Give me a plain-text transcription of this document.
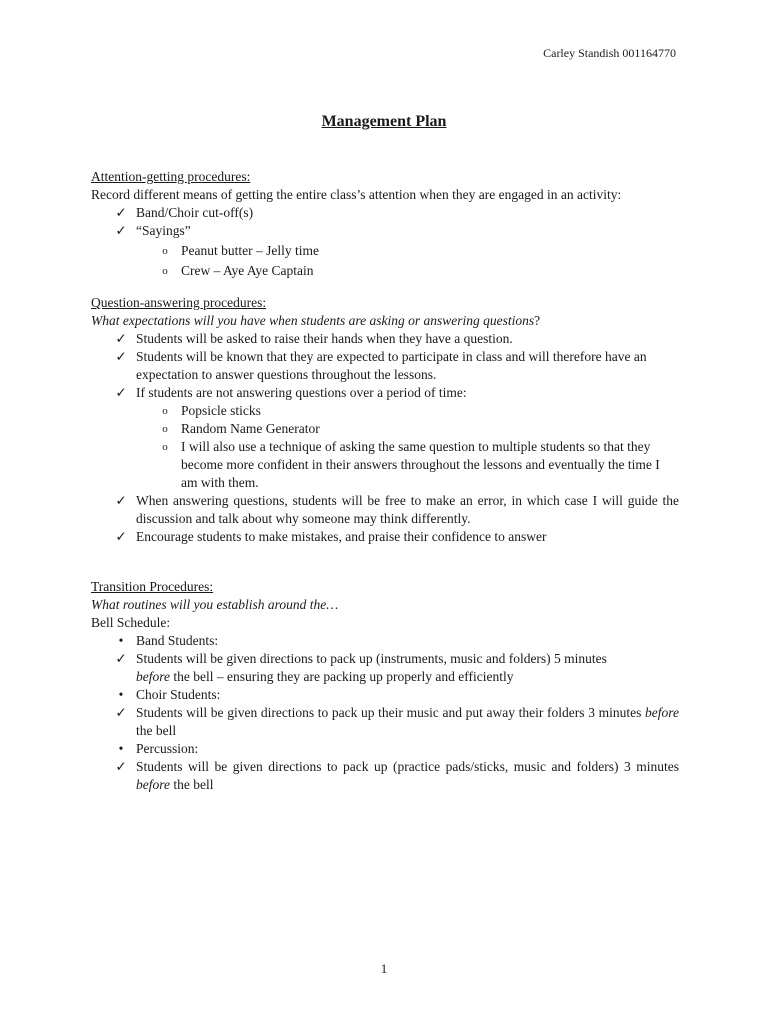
Carley Standish 001164770
Management Plan
Attention-getting procedures:
Record different means of getting the entire class’s attention when they are engaged in an activity:
✓ Band/Choir cut-off(s)
✓ “Sayings”
o Peanut butter – Jelly time
o Crew – Aye Aye Captain
Question-answering procedures:
What expectations will you have when students are asking or answering questions?
✓ Students will be asked to raise their hands when they have a question.
✓ Students will be known that they are expected to participate in class and will therefore have an expectation to answer questions throughout the lessons.
✓ If students are not answering questions over a period of time:
o Popsicle sticks
o Random Name Generator
o I will also use a technique of asking the same question to multiple students so that they become more confident in their answers throughout the lessons and eventually the time I am with them.
✓ When answering questions, students will be free to make an error, in which case I will guide the discussion and talk about why someone may think differently.
✓ Encourage students to make mistakes, and praise their confidence to answer
Transition Procedures:
What routines will you establish around the…
Bell Schedule:
• Band Students:
✓ Students will be given directions to pack up (instruments, music and folders) 5 minutes
before the bell – ensuring they are packing up properly and efficiently
• Choir Students:
✓ Students will be given directions to pack up their music and put away their folders 3 minutes before the bell
• Percussion:
✓ Students will be given directions to pack up (practice pads/sticks, music and folders) 3 minutes before the bell
1
